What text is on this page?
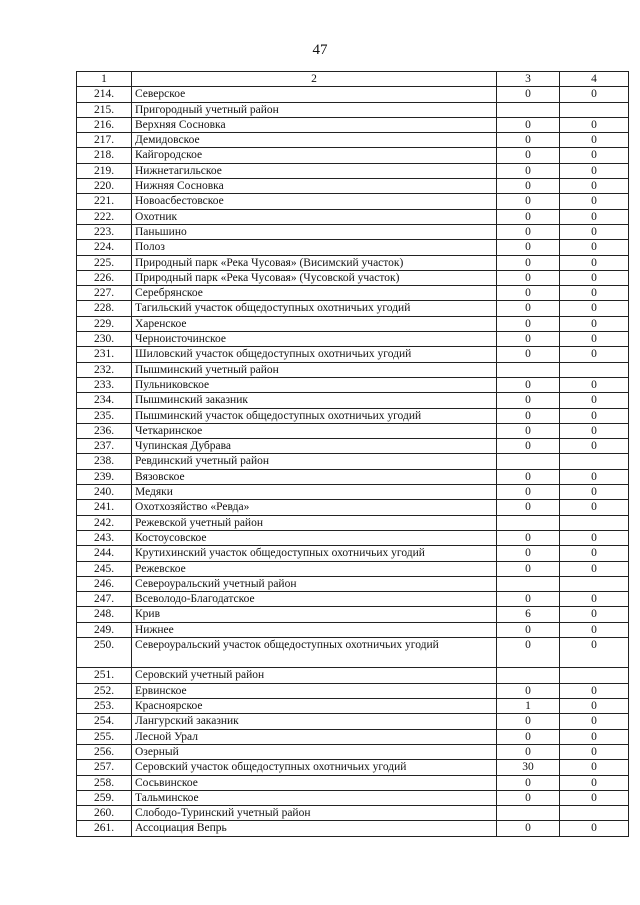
47
1	2	3	4
214.	Северское	0	0
215.	Пригородный учетный район		
216.	Верхняя Сосновка	0	0
217.	Демидовское	0	0
218.	Кайгородское	0	0
219.	Нижнетагильское	0	0
220.	Нижняя Сосновка	0	0
221.	Новоасбестовское	0	0
222.	Охотник	0	0
223.	Паньшино	0	0
224.	Полоз	0	0
225.	Природный парк «Река Чусовая» (Висимский участок)	0	0
226.	Природный парк «Река Чусовая» (Чусовской участок)	0	0
227.	Серебрянское	0	0
228.	Тагильский участок общедоступных охотничьих угодий	0	0
229.	Харенское	0	0
230.	Черноисточинское	0	0
231.	Шиловский участок общедоступных охотничьих угодий	0	0
232.	Пышминский учетный район		
233.	Пульниковское	0	0
234.	Пышминский заказник	0	0
235.	Пышминский участок общедоступных охотничьих угодий	0	0
236.	Четкаринское	0	0
237.	Чупинская Дубрава	0	0
238.	Ревдинский учетный район		
239.	Вязовское	0	0
240.	Медяки	0	0
241.	Охотхозяйство «Ревда»	0	0
242.	Режевской учетный район		
243.	Костоусовское	0	0
244.	Крутихинский участок общедоступных охотничьих угодий	0	0
245.	Режевское	0	0
246.	Североуральский учетный район		
247.	Всеволодо-Благодатское	0	0
248.	Крив	6	0
249.	Нижнее	0	0
250.	Североуральский участок общедоступных охотничьих угодий	0	0
251.	Серовский учетный район		
252.	Ервинское	0	0
253.	Красноярское	1	0
254.	Лангурский заказник	0	0
255.	Лесной Урал	0	0
256.	Озерный	0	0
257.	Серовский участок общедоступных охотничьих угодий	30	0
258.	Сосьвинское	0	0
259.	Тальминское	0	0
260.	Слободо-Туринский учетный район		
261.	Ассоциация Вепрь	0	0
